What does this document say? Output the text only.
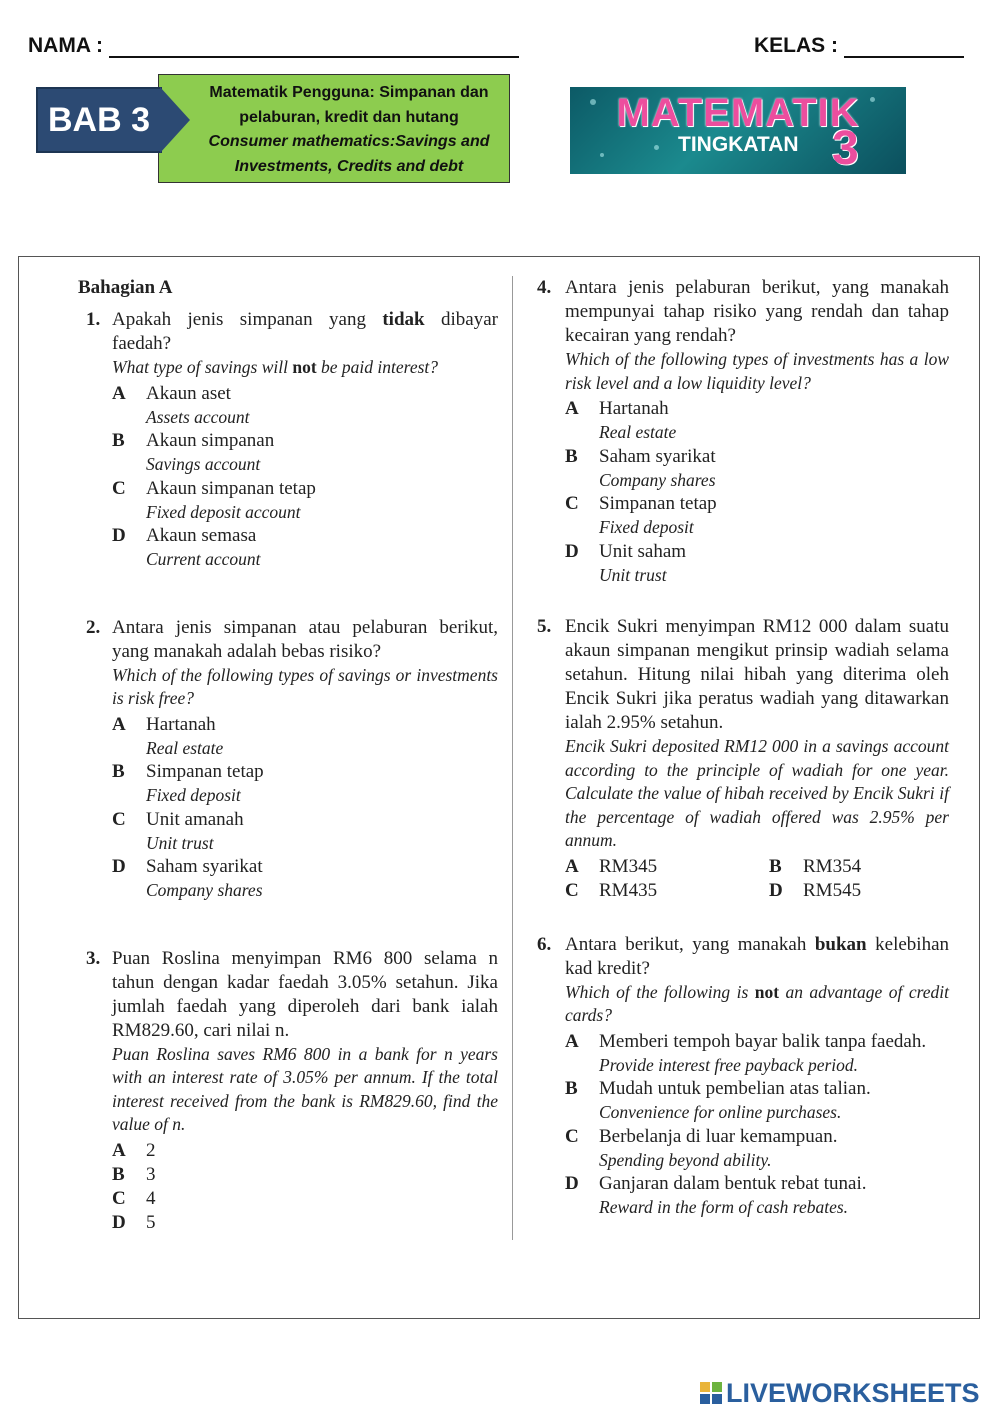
NAMA :	KELAS :
Matematik Pengguna: Simpanan dan
pelaburan, kredit dan hutang
Consumer mathematics:Savings and
Investments, Credits and debt
BAB 3	MATEMATIK
TINGKATAN 3
Bahagian A
1. Apakah jenis simpanan yang tidak dibayar faedah?
What type of savings will not be paid interest?
A Akaun aset
Assets account
B Akaun simpanan
Savings account
C Akaun simpanan tetap
Fixed deposit account
D Akaun semasa
Current account
2. Antara jenis simpanan atau pelaburan berikut, yang manakah adalah bebas risiko?
Which of the following types of savings or investments is risk free?
A Hartanah
Real estate
B Simpanan tetap
Fixed deposit
C Unit amanah
Unit trust
D Saham syarikat
Company shares
3. Puan Roslina menyimpan RM6 800 selama n tahun dengan kadar faedah 3.05% setahun. Jika jumlah faedah yang diperoleh dari bank ialah RM829.60, cari nilai n.
Puan Roslina saves RM6 800 in a bank for n years with an interest rate of 3.05% per annum. If the total interest received from the bank is RM829.60, find the value of n.
A 2
B 3
C 4
D 5
4. Antara jenis pelaburan berikut, yang manakah mempunyai tahap risiko yang rendah dan tahap kecairan yang rendah?
Which of the following types of investments has a low risk level and a low liquidity level?
A Hartanah
Real estate
B Saham syarikat
Company shares
C Simpanan tetap
Fixed deposit
D Unit saham
Unit trust
5. Encik Sukri menyimpan RM12 000 dalam suatu akaun simpanan mengikut prinsip wadiah selama setahun. Hitung nilai hibah yang diterima oleh Encik Sukri jika peratus wadiah yang ditawarkan ialah 2.95% setahun.
Encik Sukri deposited RM12 000 in a savings account according to the principle of wadiah for one year. Calculate the value of hibah received by Encik Sukri if the percentage of wadiah offered was 2.95% per annum.
A RM345	B RM354
C RM435	D RM545
6. Antara berikut, yang manakah bukan kelebihan kad kredit?
Which of the following is not an advantage of credit cards?
A Memberi tempoh bayar balik tanpa faedah.
Provide interest free payback period.
B Mudah untuk pembelian atas talian.
Convenience for online purchases.
C Berbelanja di luar kemampuan.
Spending beyond ability.
D Ganjaran dalam bentuk rebat tunai.
Reward in the form of cash rebates.
LIVEWORKSHEETS
